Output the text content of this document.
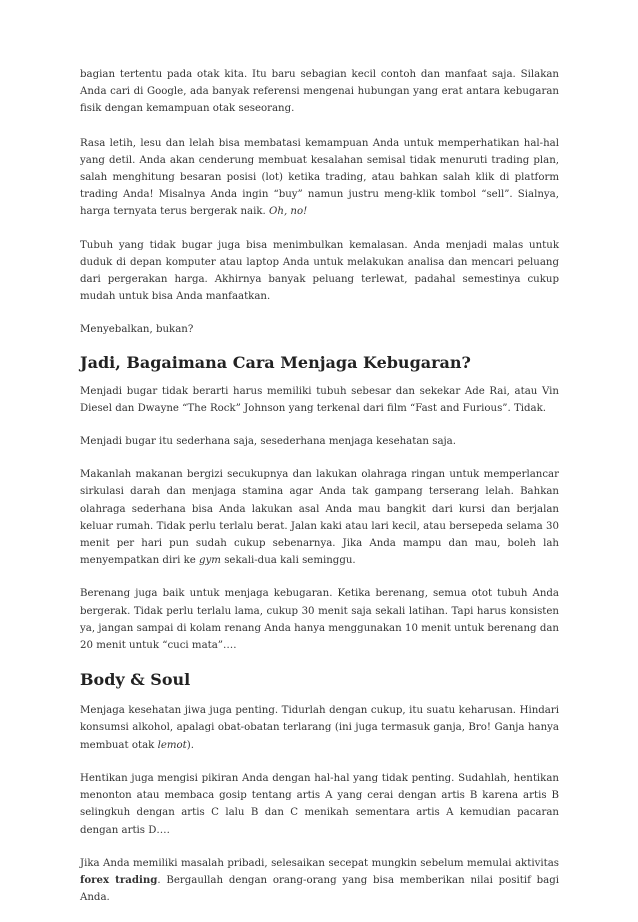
bagian tertentu pada otak kita. Itu baru sebagian kecil contoh dan manfaat saja. Silakan Anda cari di Google, ada banyak referensi mengenai hubungan yang erat antara kebugaran fisik dengan kemampuan otak seseorang.

Rasa letih, lesu dan lelah bisa membatasi kemampuan Anda untuk memperhatikan hal-hal yang detil. Anda akan cenderung membuat kesalahan semisal tidak menuruti trading plan, salah menghitung besaran posisi (lot) ketika trading, atau bahkan salah klik di platform trading Anda! Misalnya Anda ingin “buy” namun justru meng-klik tombol “sell”. Sialnya, harga ternyata terus bergerak naik. Oh, no!

Tubuh yang tidak bugar juga bisa menimbulkan kemalasan. Anda menjadi malas untuk duduk di depan komputer atau laptop Anda untuk melakukan analisa dan mencari peluang dari pergerakan harga. Akhirnya banyak peluang terlewat, padahal semestinya cukup mudah untuk bisa Anda manfaatkan.

Menyebalkan, bukan?

Jadi, Bagaimana Cara Menjaga Kebugaran?

Menjadi bugar tidak berarti harus memiliki tubuh sebesar dan sekekar Ade Rai, atau Vin Diesel dan Dwayne “The Rock” Johnson yang terkenal dari film “Fast and Furious”. Tidak.

Menjadi bugar itu sederhana saja, sesederhana menjaga kesehatan saja.

Makanlah makanan bergizi secukupnya dan lakukan olahraga ringan untuk memperlancar sirkulasi darah dan menjaga stamina agar Anda tak gampang terserang lelah. Bahkan olahraga sederhana bisa Anda lakukan asal Anda mau bangkit dari kursi dan berjalan keluar rumah. Tidak perlu terlalu berat. Jalan kaki atau lari kecil, atau bersepeda selama 30 menit per hari pun sudah cukup sebenarnya. Jika Anda mampu dan mau, boleh lah menyempatkan diri ke gym sekali-dua kali seminggu.

Berenang juga baik untuk menjaga kebugaran. Ketika berenang, semua otot tubuh Anda bergerak. Tidak perlu terlalu lama, cukup 30 menit saja sekali latihan. Tapi harus konsisten ya, jangan sampai di kolam renang Anda hanya menggunakan 10 menit untuk berenang dan 20 menit untuk “cuci mata”….

Body & Soul

Menjaga kesehatan jiwa juga penting. Tidurlah dengan cukup, itu suatu keharusan. Hindari konsumsi alkohol, apalagi obat-obatan terlarang (ini juga termasuk ganja, Bro! Ganja hanya membuat otak lemot).

Hentikan juga mengisi pikiran Anda dengan hal-hal yang tidak penting. Sudahlah, hentikan menonton atau membaca gosip tentang artis A yang cerai dengan artis B karena artis B selingkuh dengan artis C lalu B dan C menikah sementara artis A kemudian pacaran dengan artis D….

Jika Anda memiliki masalah pribadi, selesaikan secepat mungkin sebelum memulai aktivitas forex trading. Bergaullah dengan orang-orang yang bisa memberikan nilai positif bagi Anda.
